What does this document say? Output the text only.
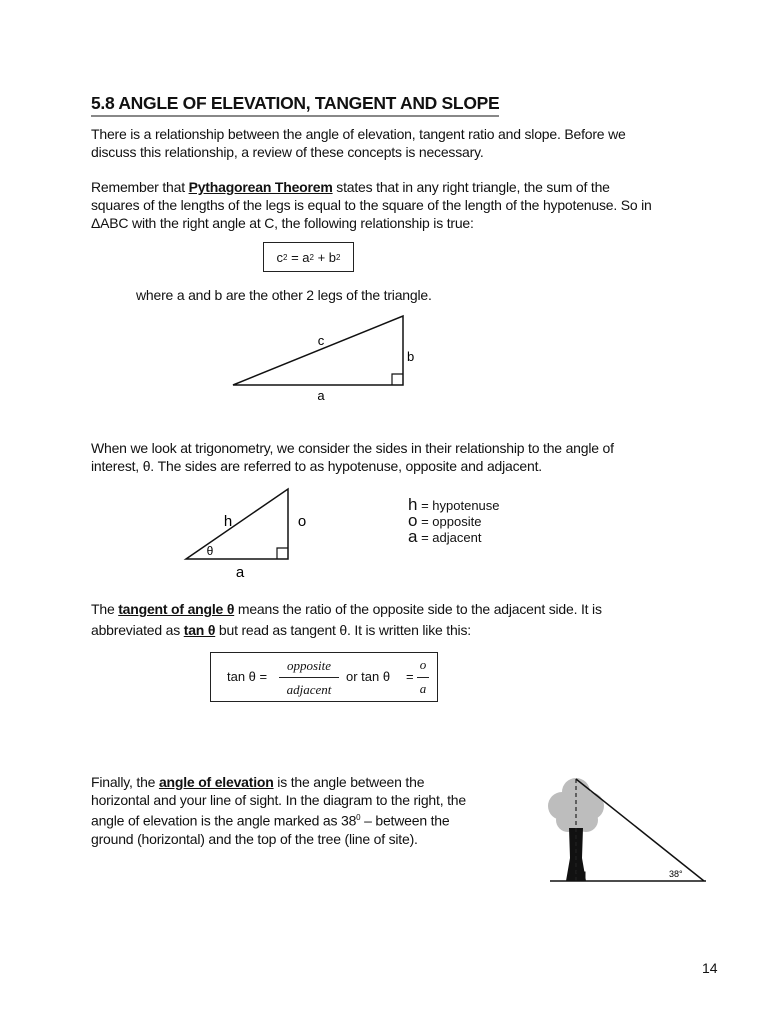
5.8 ANGLE OF ELEVATION, TANGENT AND SLOPE
There is a relationship between the angle of elevation, tangent ratio and slope. Before we
discuss this relationship, a review of these concepts is necessary.
Remember that Pythagorean Theorem states that in any right triangle, the sum of the
squares of the lengths of the legs is equal to the square of the length of the hypotenuse. So in
ΔABC with the right angle at C, the following relationship is true:
c 2 = a 2 + b 2
where a and b are the other 2 legs of the triangle.
c
b
a
When we look at trigonometry, we consider the sides in their relationship to the angle of
interest, θ. The sides are referred to as hypotenuse, opposite and adjacent.
h	o
θ
a
h = hypotenuse
o = opposite
a = adjacent
The tangent of angle θ means the ratio of the opposite side to the adjacent side. It is
abbreviated as tan θ but read as tangent θ. It is written like this:
tan θ =
opposite
adjacent
or tan θ =
o
a
Finally, the angle of elevation is the angle between the
horizontal and your line of sight. In the diagram to the right, the
angle of elevation is the angle marked as $38^0$ – between the
ground (horizontal) and the top of the tree (line of site).
38°
14
